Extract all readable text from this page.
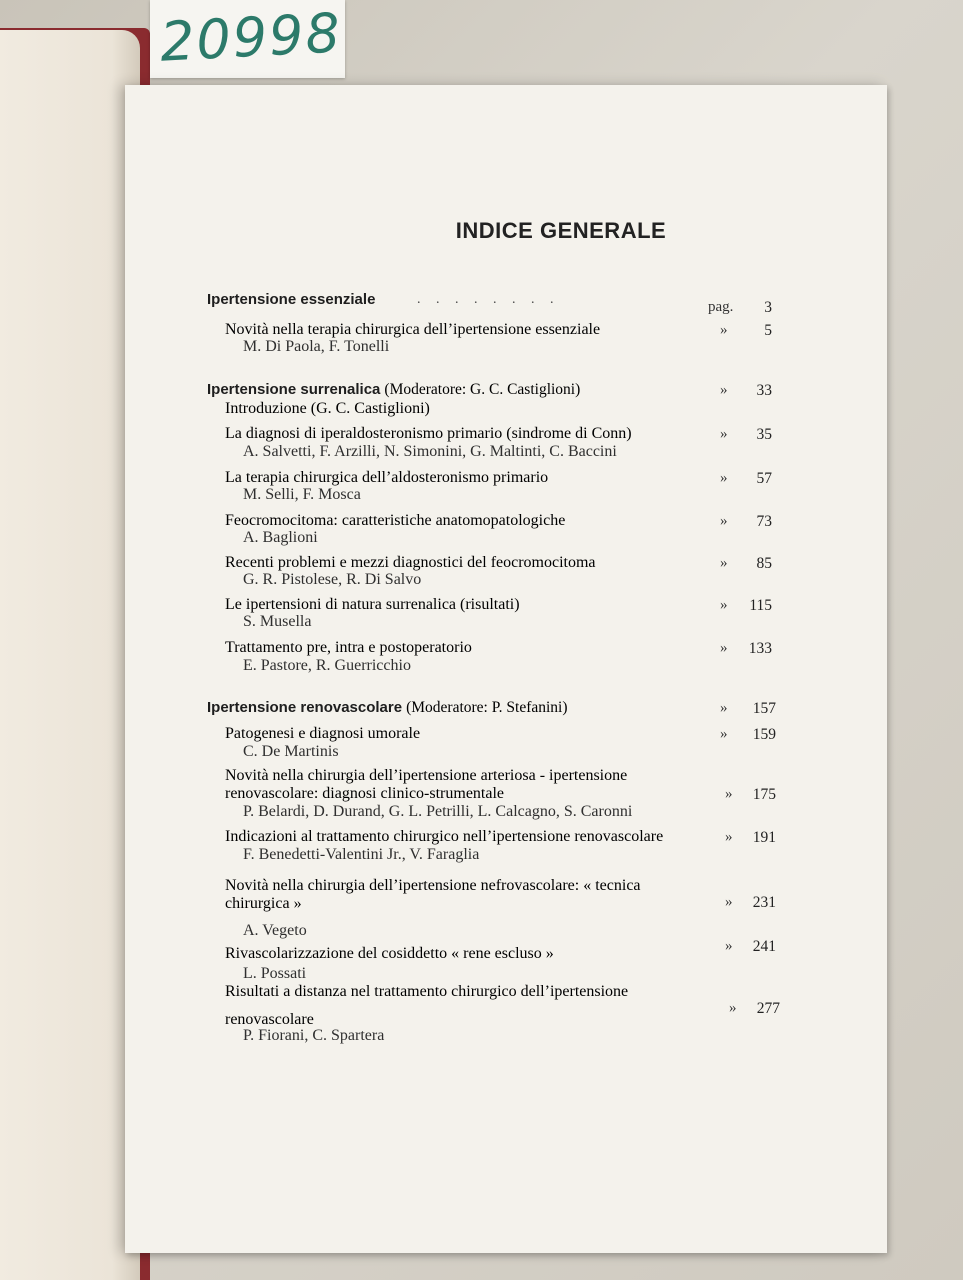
20998
INDICE GENERALE
Ipertensione essenziale	. . . . . . . .	pag.	3
Novità nella terapia chirurgica dell’ipertensione essenziale	»	5
M. Di Paola, F. Tonelli
Ipertensione surrenalica (Moderatore: G. C. Castiglioni)	»	33
Introduzione (G. C. Castiglioni)
La diagnosi di iperaldosteronismo primario (sindrome di Conn)	»	35
A. Salvetti, F. Arzilli, N. Simonini, G. Maltinti, C. Baccini
La terapia chirurgica dell’aldosteronismo primario	»	57
M. Selli, F. Mosca
Feocromocitoma: caratteristiche anatomopatologiche	»	73
A. Baglioni
Recenti problemi e mezzi diagnostici del feocromocitoma	»	85
G. R. Pistolese, R. Di Salvo
Le ipertensioni di natura surrenalica (risultati)	»	115
S. Musella
Trattamento pre, intra e postoperatorio	»	133
E. Pastore, R. Guerricchio
Ipertensione renovascolare (Moderatore: P. Stefanini)	»	157
Patogenesi e diagnosi umorale	»	159
C. De Martinis
Novità nella chirurgia dell’ipertensione arteriosa - ipertensione
renovascolare: diagnosi clinico-strumentale	»	175
P. Belardi, D. Durand, G. L. Petrilli, L. Calcagno, S. Caronni
Indicazioni al trattamento chirurgico nell’ipertensione renovascolare	»	191
F. Benedetti-Valentini Jr., V. Faraglia
Novità nella chirurgia dell’ipertensione nefrovascolare: « tecnica
chirurgica »	»	231
A. Vegeto
Rivascolarizzazione del cosiddetto « rene escluso »	»	241
L. Possati
Risultati a distanza nel trattamento chirurgico dell’ipertensione
renovascolare
»	277
P. Fiorani, C. Spartera
